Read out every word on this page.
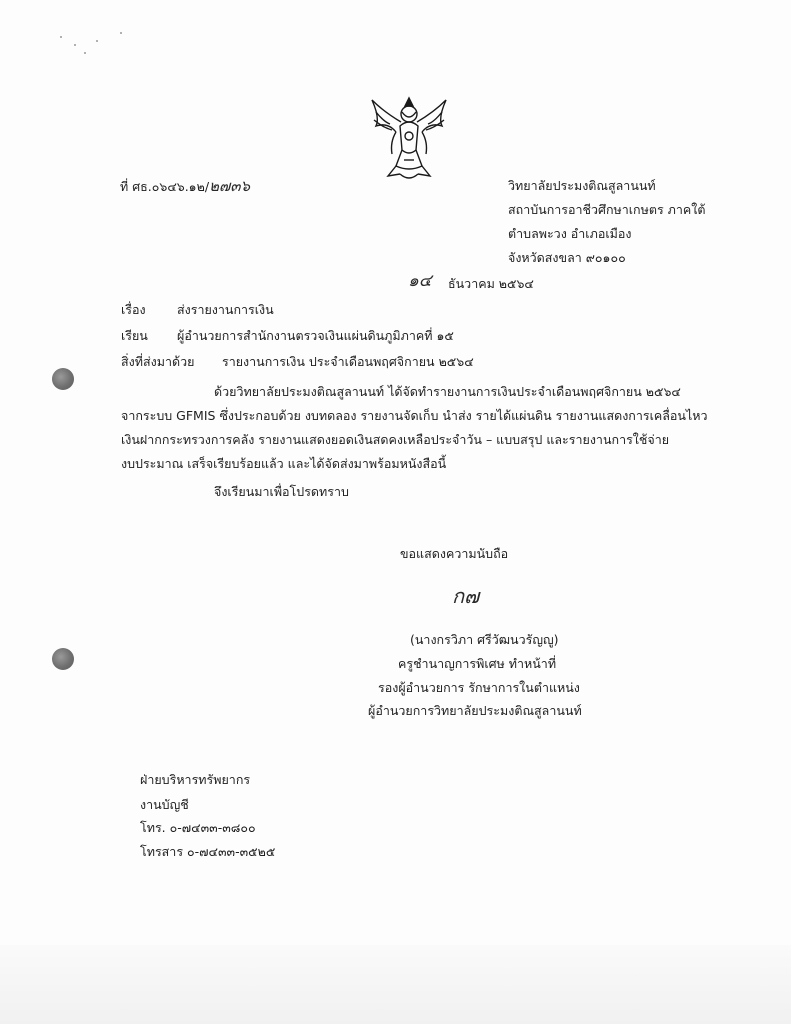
ที่ ศธ.๐๖๔๖.๑๒/๒๗๓๖	วิทยาลัยประมงติณสูลานนท์
สถาบันการอาชีวศึกษาเกษตร ภาคใต้
ตำบลพะวง อำเภอเมือง
จังหวัดสงขลา ๙๐๑๐๐
๑๔ ธันวาคม ๒๕๖๔
เรื่อง	ส่งรายงานการเงิน
เรียน ผู้อำนวยการสำนักงานตรวจเงินแผ่นดินภูมิภาคที่ ๑๕
สิ่งที่ส่งมาด้วย รายงานการเงิน ประจำเดือนพฤศจิกายน ๒๕๖๔
ด้วยวิทยาลัยประมงติณสูลานนท์ ได้จัดทำรายงานการเงินประจำเดือนพฤศจิกายน ๒๕๖๔
จากระบบ GFMIS ซึ่งประกอบด้วย งบทดลอง รายงานจัดเก็บ นำส่ง รายได้แผ่นดิน รายงานแสดงการเคลื่อนไหว
เงินฝากกระทรวงการคลัง รายงานแสดงยอดเงินสดคงเหลือประจำวัน – แบบสรุป และรายงานการใช้จ่าย
งบประมาณ เสร็จเรียบร้อยแล้ว และได้จัดส่งมาพร้อมหนังสือนี้
จึงเรียนมาเพื่อโปรดทราบ
ขอแสดงความนับถือ
ก๗
(นางกรวิภา ศรีวัฒนวรัญญู)
ครูชำนาญการพิเศษ ทำหน้าที่
รองผู้อำนวยการ รักษาการในตำแหน่ง
ผู้อำนวยการวิทยาลัยประมงติณสูลานนท์
ฝ่ายบริหารทรัพยากร
งานบัญชี
โทร. ๐-๗๔๓๓-๓๘๐๐
โทรสาร ๐-๗๔๓๓-๓๕๒๕
